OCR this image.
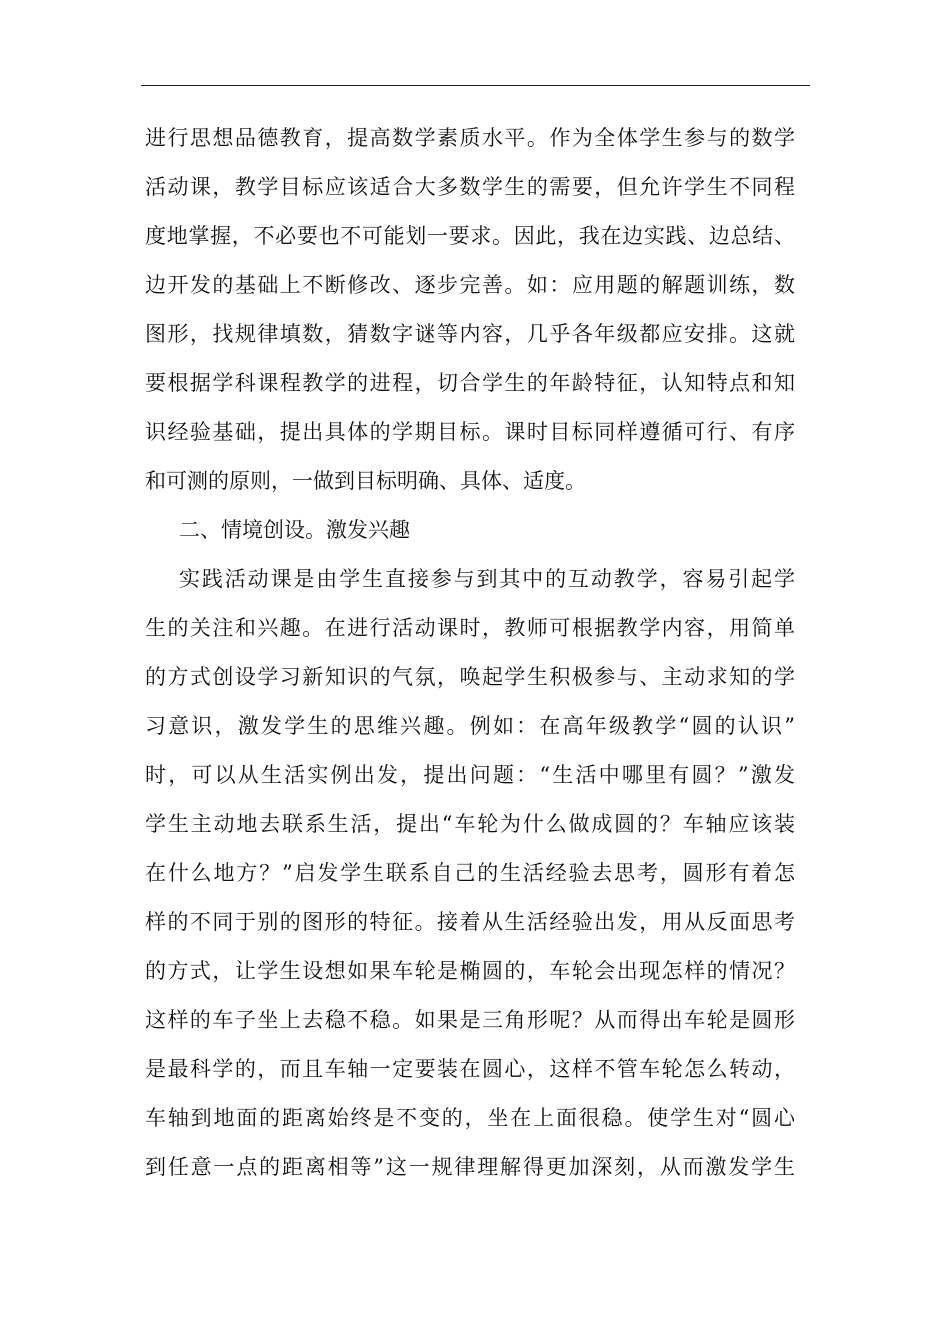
进行思想品德教育，提高数学素质水平。作为全体学生参与的数学
活动课，教学目标应该适合大多数学生的需要，但允许学生不同程
度地掌握，不必要也不可能划一要求。因此，我在边实践、边总结、
边开发的基础上不断修改、逐步完善。如：应用题的解题训练，数
图形，找规律填数，猜数字谜等内容，几乎各年级都应安排。这就
要根据学科课程教学的进程，切合学生的年龄特征，认知特点和知
识经验基础，提出具体的学期目标。课时目标同样遵循可行、有序
和可测的原则，一做到目标明确、具体、适度。
二、情境创设。激发兴趣
实践活动课是由学生直接参与到其中的互动教学，容易引起学
生的关注和兴趣。在进行活动课时，教师可根据教学内容，用简单
的方式创设学习新知识的气氛，唤起学生积极参与、主动求知的学
习意识，激发学生的思维兴趣。例如：在高年级教学“圆的认识”
时，可以从生活实例出发，提出问题：“生活中哪里有圆？”激发
学生主动地去联系生活，提出“车轮为什么做成圆的？车轴应该装
在什么地方？”启发学生联系自己的生活经验去思考，圆形有着怎
样的不同于别的图形的特征。接着从生活经验出发，用从反面思考
的方式，让学生设想如果车轮是椭圆的，车轮会出现怎样的情况？
这样的车子坐上去稳不稳。如果是三角形呢？从而得出车轮是圆形
是最科学的，而且车轴一定要装在圆心，这样不管车轮怎么转动，
车轴到地面的距离始终是不变的，坐在上面很稳。使学生对“圆心
到任意一点的距离相等”这一规律理解得更加深刻，从而激发学生
